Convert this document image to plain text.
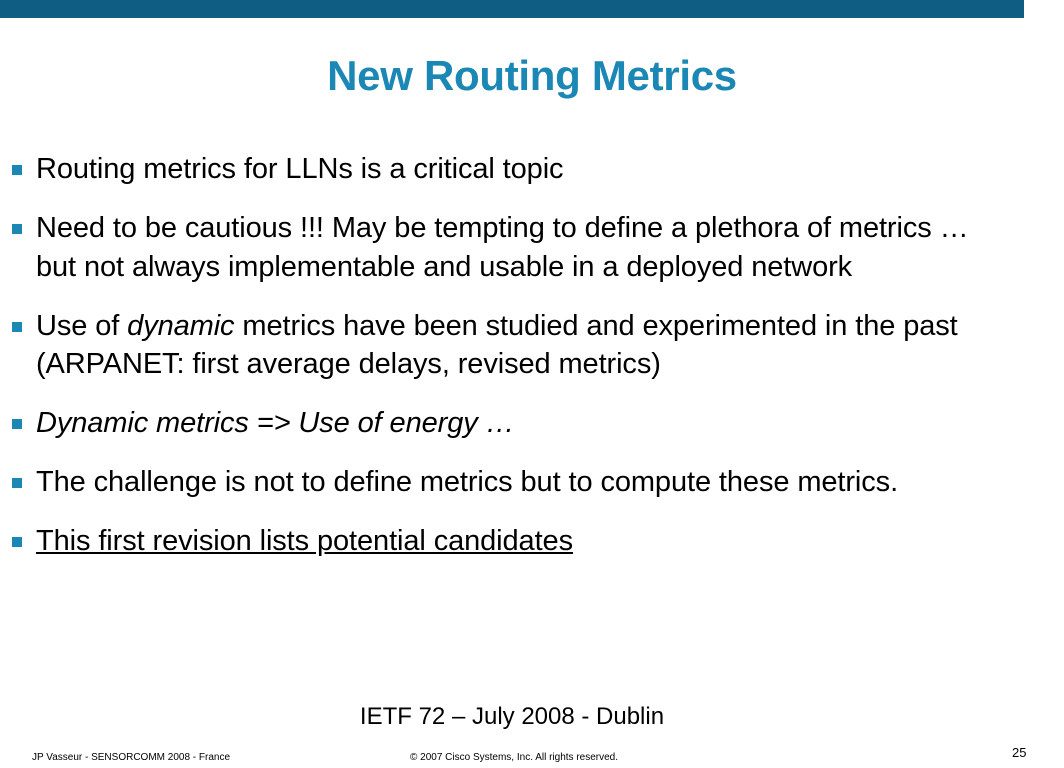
New Routing Metrics
Routing metrics for LLNs is a critical topic
Need to be cautious !!! May be tempting to define a plethora of metrics … but not always implementable and usable in a deployed network
Use of dynamic metrics have been studied and experimented in the past (ARPANET: first average delays, revised metrics)
Dynamic metrics => Use of energy …
The challenge is not to define metrics but to compute these metrics.
This first revision lists potential candidates
IETF 72 – July 2008 - Dublin
JP Vasseur - SENSORCOMM 2008 - France	© 2007 Cisco Systems, Inc. All rights reserved.	25
